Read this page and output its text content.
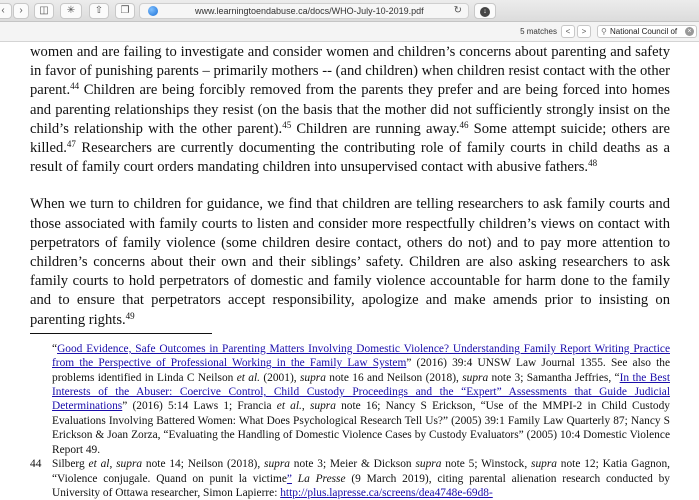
‹	›	◫	✳	⇧	❐	www.learningtoendabuse.ca/docs/WHO-July-10-2019.pdf	↻	↓
5 matches	<	>	⚲ National Council of	×

women and are failing to investigate and consider women and children’s concerns about parenting and safety in favor of punishing parents – primarily mothers -- (and children) when children resist contact with the other parent.$^{44}$ Children are being forcibly removed from the parents they prefer and are being forced into homes and parenting relationships they resist (on the basis that the mother did not sufficiently strongly insist on the child’s relationship with the other parent).$^{45}$ Children are running away.$^{46}$ Some attempt suicide; others are killed.$^{47}$ Researchers are currently documenting the contributing role of family courts in child deaths as a result of family court orders mandating children into unsupervised contact with abusive fathers.$^{48}$

When we turn to children for guidance, we find that children are telling researchers to ask family courts and those associated with family courts to listen and consider more respectfully children’s views on contact with perpetrators of family violence (some children desire contact, others do not) and to pay more attention to children’s concerns about their own and their siblings’ safety. Children are also asking researchers to ask family courts to hold perpetrators of domestic and family violence accountable for harm done to the family and to ensure that perpetrators accept responsibility, apologize and make amends prior to insisting on parenting rights.$^{49}$

“Good Evidence, Safe Outcomes in Parenting Matters Involving Domestic Violence? Understanding Family Report Writing Practice from the Perspective of Professional Working in the Family Law System” (2016) 39:4 UNSW Law Journal 1355. See also the problems identified in Linda C Neilson et al. (2001), supra note 16 and Neilson (2018), supra note 3; Samantha Jeffries, “In the Best Interests of the Abuser: Coercive Control, Child Custody Proceedings and the “Expert” Assessments that Guide Judicial Determinations” (2016) 5:14 Laws 1; Francia et al., supra note 16; Nancy S Erickson, “Use of the MMPI-2 in Child Custody Evaluations Involving Battered Women: What Does Psychological Research Tell Us?” (2005) 39:1 Family Law Quarterly 87; Nancy S Erickson & Joan Zorza, “Evaluating the Handling of Domestic Violence Cases by Custody Evaluators” (2005) 10:4 Domestic Violence Report 49.
44 Silberg et al, supra note 14; Neilson (2018), supra note 3; Meier & Dickson supra note 5; Winstock, supra note 12; Katia Gagnon, “Violence conjugale. Quand on punit la victime” La Presse (9 March 2019), citing parental alienation research conducted by University of Ottawa researcher, Simon Lapierre: http://plus.lapresse.ca/screens/dea4748e-69d8-
